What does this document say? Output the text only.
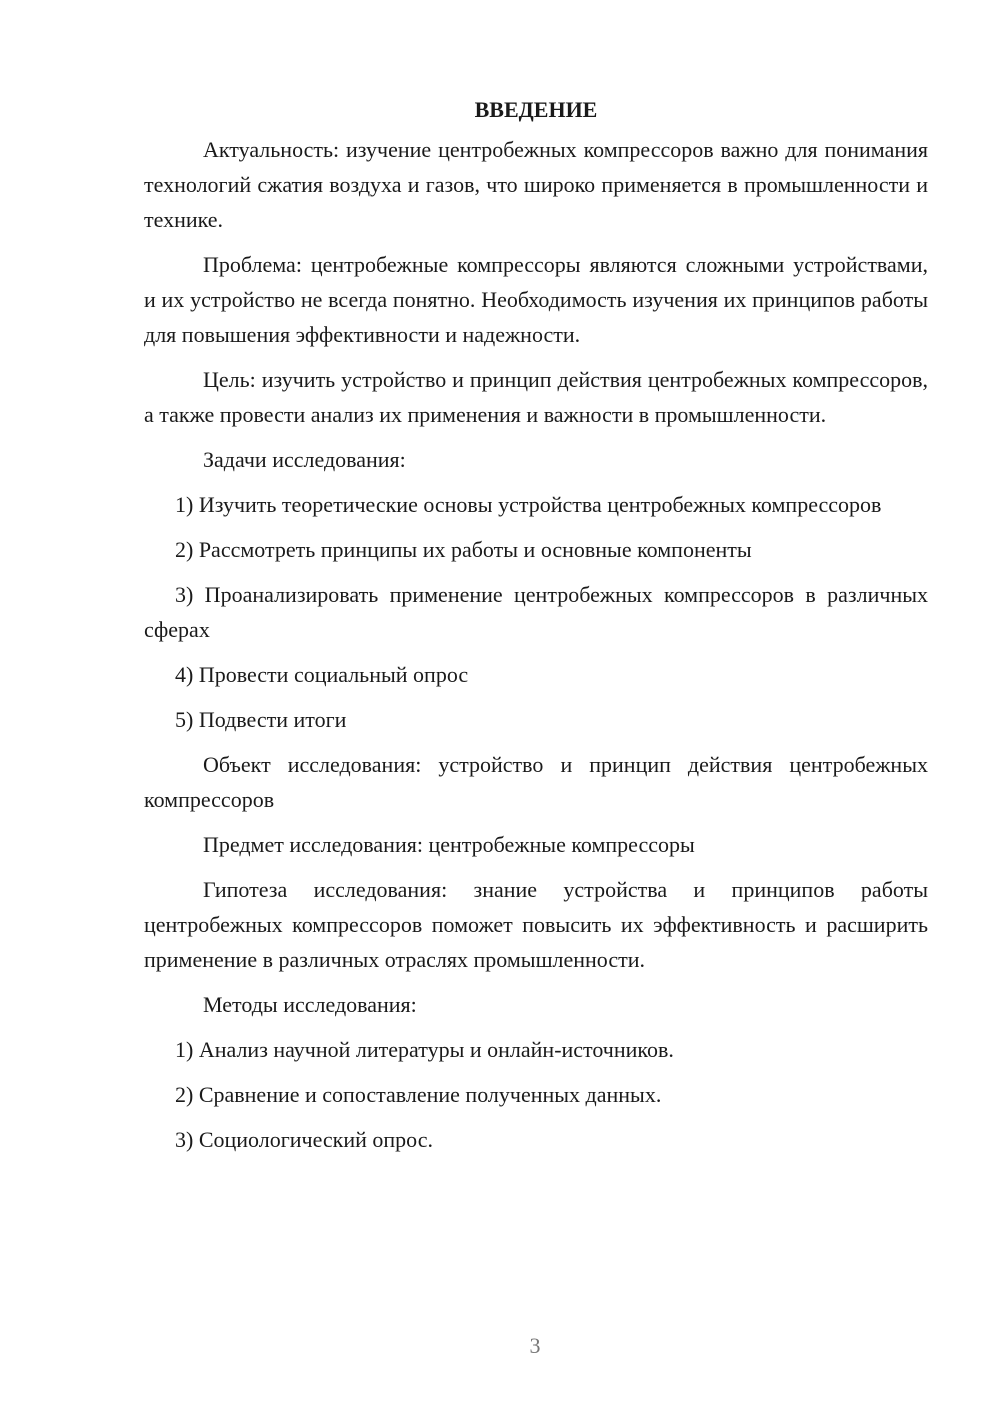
ВВЕДЕНИЕ

Актуальность: изучение центробежных компрессоров важно для понимания технологий сжатия воздуха и газов, что широко применяется в промышленности и технике.

Проблема: центробежные компрессоры являются сложными устройствами, и их устройство не всегда понятно. Необходимость изучения их принципов работы для повышения эффективности и надежности.

Цель: изучить устройство и принцип действия центробежных компрессоров, а также провести анализ их применения и важности в промышленности.

Задачи исследования:

1) Изучить теоретические основы устройства центробежных компрессоров

2) Рассмотреть принципы их работы и основные компоненты

3) Проанализировать применение центробежных компрессоров в различных сферах

4) Провести социальный опрос

5) Подвести итоги

Объект исследования: устройство и принцип действия центробежных компрессоров

Предмет исследования: центробежные компрессоры

Гипотеза исследования: знание устройства и принципов работы центробежных компрессоров поможет повысить их эффективность и расширить применение в различных отраслях промышленности.

Методы исследования:

1) Анализ научной литературы и онлайн-источников.

2) Сравнение и сопоставление полученных данных.

3) Социологический опрос.

3
